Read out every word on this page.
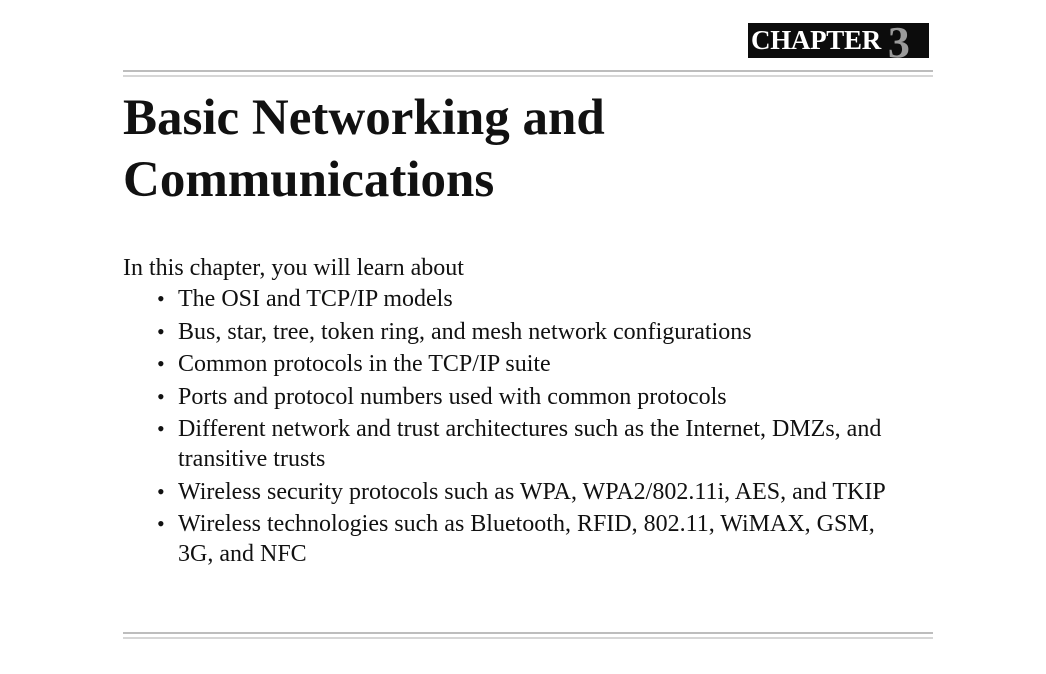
CHAPTER 3
Basic Networking and
Communications

In this chapter, you will learn about

• The OSI and TCP/IP models
• Bus, star, tree, token ring, and mesh network configurations
• Common protocols in the TCP/IP suite
• Ports and protocol numbers used with common protocols
• Different network and trust architectures such as the Internet, DMZs, and transitive trusts
• Wireless security protocols such as WPA, WPA2/802.11i, AES, and TKIP
• Wireless technologies such as Bluetooth, RFID, 802.11, WiMAX, GSM, 3G, and NFC
